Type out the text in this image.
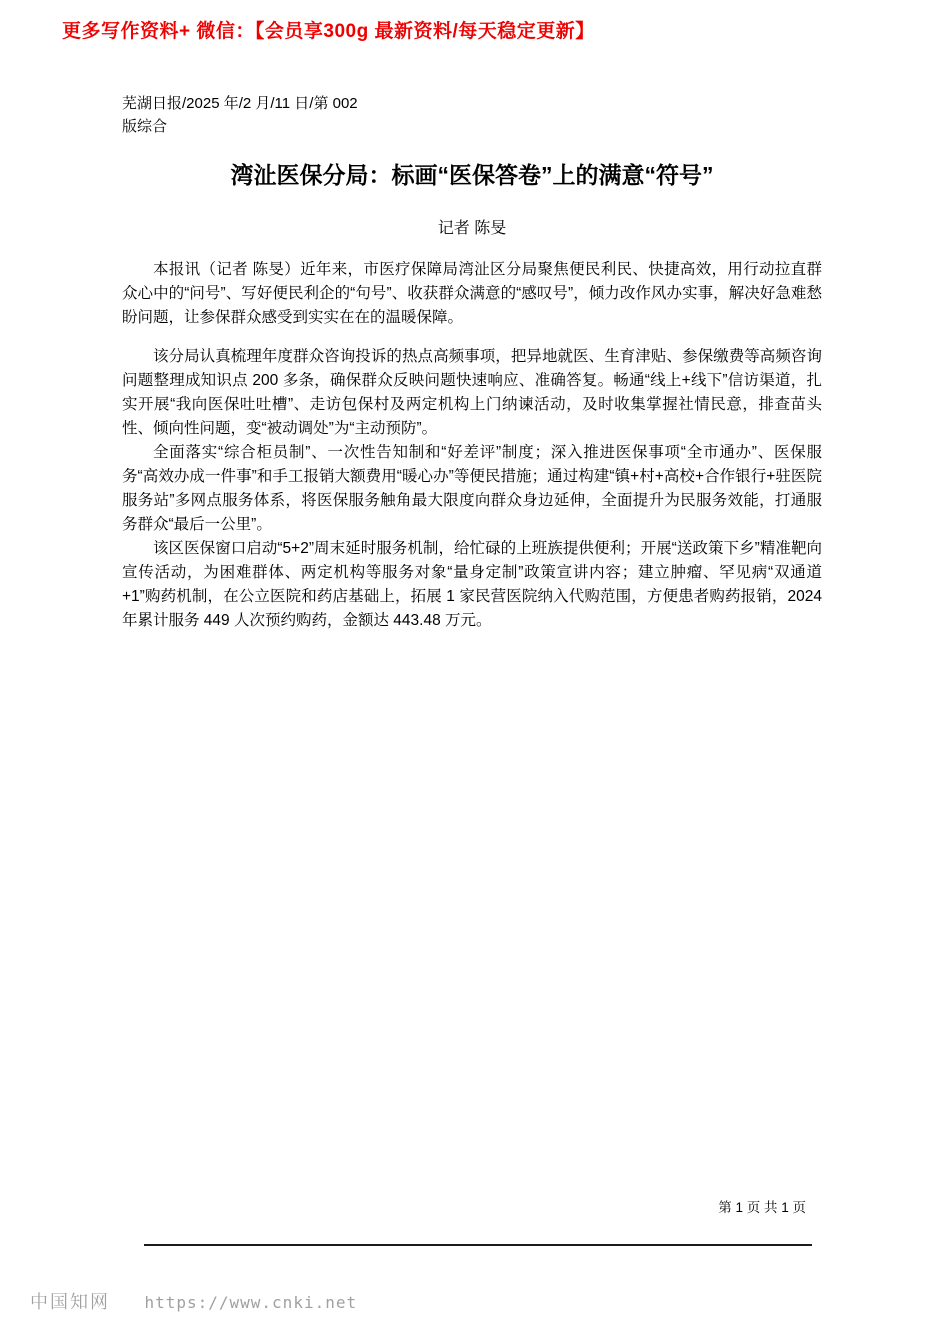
更多写作资料+ 微信：【会员享300g 最新资料/每天稳定更新】
芜湖日报/2025 年/2 月/11 日/第 002
版综合
湾沚医保分局：标画“医保答卷”上的满意“符号”
记者 陈旻

本报讯（记者 陈旻）近年来，市医疗保障局湾沚区分局聚焦便民利民、快捷高效，用行动拉直群众心中的“问号”、写好便民利企的“句号”、收获群众满意的“感叹号”，倾力改作风办实事，解决好急难愁盼问题，让参保群众感受到实实在在的温暖保障。

该分局认真梳理年度群众咨询投诉的热点高频事项，把异地就医、生育津贴、参保缴费等高频咨询问题整理成知识点 200 多条，确保群众反映问题快速响应、准确答复。畅通“线上+线下”信访渠道，扎实开展“我向医保吐吐槽”、走访包保村及两定机构上门纳谏活动，及时收集掌握社情民意，排查苗头性、倾向性问题，变“被动调处”为“主动预防”。

全面落实“综合柜员制”、一次性告知制和“好差评”制度；深入推进医保事项“全市通办”、医保服务“高效办成一件事”和手工报销大额费用“暖心办”等便民措施；通过构建“镇+村+高校+合作银行+驻医院服务站”多网点服务体系，将医保服务触角最大限度向群众身边延伸，全面提升为民服务效能，打通服务群众“最后一公里”。

该区医保窗口启动“5+2”周末延时服务机制，给忙碌的上班族提供便利；开展“送政策下乡”精准靶向宣传活动，为困难群体、两定机构等服务对象“量身定制”政策宣讲内容；建立肿瘤、罕见病“双通道+1”购药机制，在公立医院和药店基础上，拓展 1 家民营医院纳入代购范围，方便患者购药报销，2024 年累计服务 449 人次预约购药，金额达 443.48 万元。

第 1 页 共 1 页
中国知网 https://www.cnki.net
